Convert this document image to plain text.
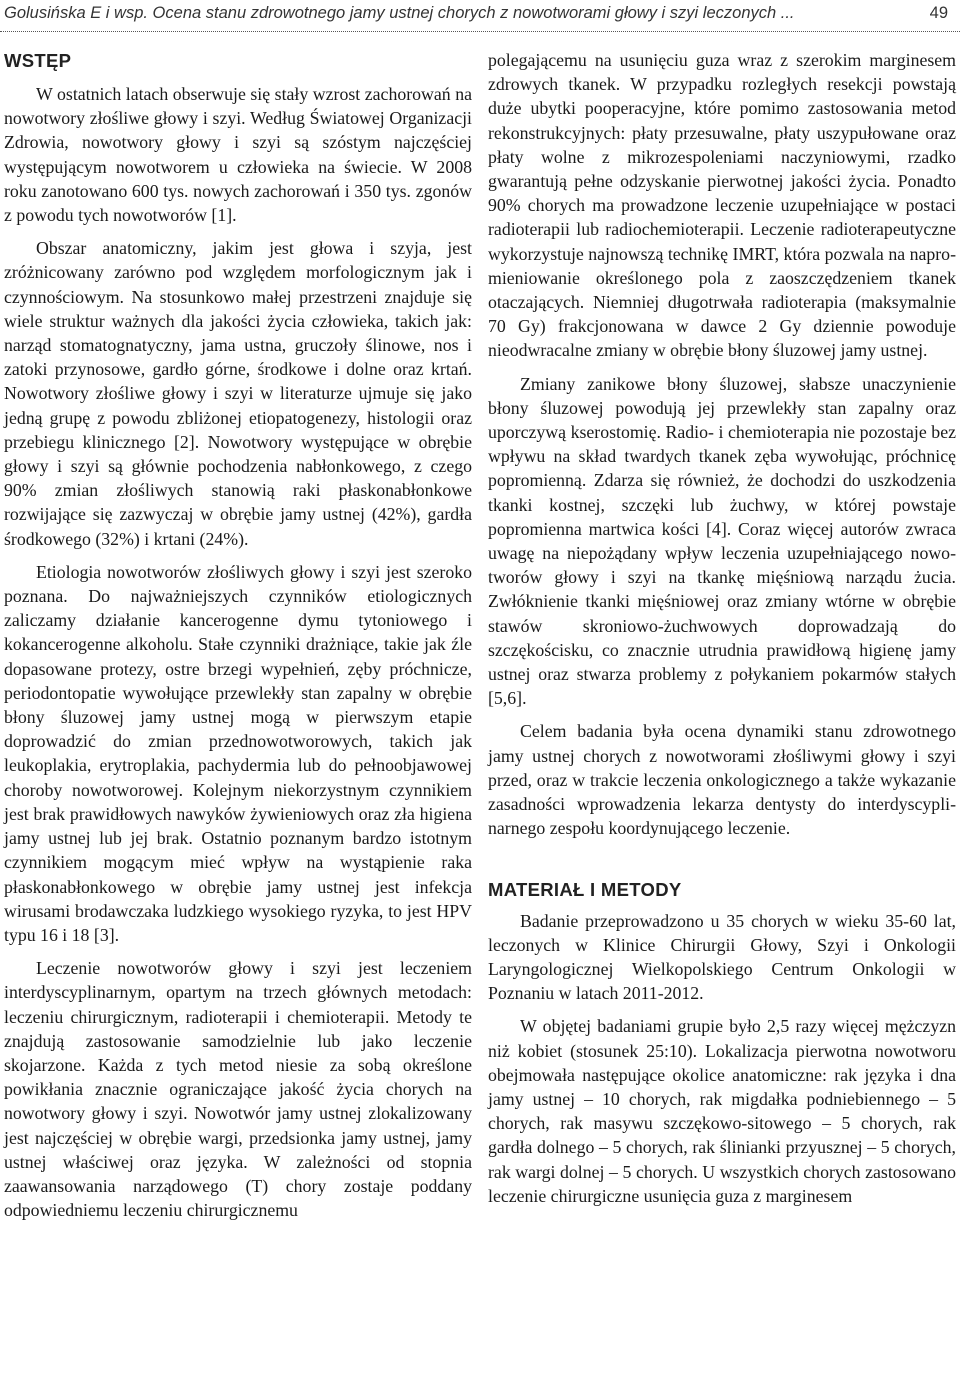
Golusińska E i wsp. Ocena stanu zdrowotnego jamy ustnej chorych z nowotworami głowy i szyi leczonych ...	49
WSTĘP

W ostatnich latach obserwuje się stały wzrost zachorowań na nowotwory złośliwe głowy i szyi. Według Światowej Organizacji Zdrowia, nowotwory głowy i szyi są szóstym najczęściej występującym nowotworem u człowieka na świecie. W 2008 roku zanotowano 600 tys. nowych zachorowań i 350 tys. zgonów z powodu tych nowotworów [1].

Obszar anatomiczny, jakim jest głowa i szyja, jest zróżnicowany zarówno pod względem morfologicznym jak i czynnościowym. Na stosunkowo małej przestrzeni znajduje się wiele struktur ważnych dla jakości życia człowieka, takich jak: narząd stomatognatyczny, jama ustna, gruczoły ślinowe, nos i zatoki przynosowe, gardło górne, środkowe i dolne oraz krtań. Nowotwory złośliwe głowy i szyi w literaturze ujmuje się jako jedną grupę z powodu zbliżonej etiopatogenezy, histologii oraz przebiegu klinicznego [2]. Nowotwory występujące w obrębie głowy i szyi są głównie pochodzenia nabłonkowego, z czego 90% zmian złośliwych stanowią raki płaskonabłonkowe rozwijające się zazwyczaj w obrębie jamy ustnej (42%), gardła środkowego (32%) i krtani (24%).

Etiologia nowotworów złośliwych głowy i szyi jest szeroko poznana. Do najważniejszych czynników etiologicznych zaliczamy działanie kancerogenne dymu tytoniowego i kokancerogenne alkoholu. Stałe czynniki drażniące, takie jak źle dopasowane protezy, ostre brzegi wypełnień, zęby próchnicze, periodontopatie wywołujące przewlekły stan zapalny w obrębie błony śluzowej jamy ustnej mogą w pierwszym etapie doprowadzić do zmian przednowotworowych, takich jak leukoplakia, erytroplakia, pachydermia lub do pełnoobjawowej choroby nowotworowej. Kolejnym niekorzystnym czynnikiem jest brak prawidłowych nawyków żywieniowych oraz zła higiena jamy ustnej lub jej brak. Ostatnio poznanym bardzo istotnym czynnikiem mogącym mieć wpływ na wystąpienie raka płaskonabłonkowego w obrębie jamy ustnej jest infekcja wirusami brodawczaka ludzkiego wysokiego ryzyka, to jest HPV typu 16 i 18 [3].

Leczenie nowotworów głowy i szyi jest leczeniem interdyscyplinarnym, opartym na trzech głównych metodach: leczeniu chirurgicznym, radioterapii i chemioterapii. Metody te znajdują zastosowanie samodzielnie lub jako leczenie skojarzone. Każda z tych metod niesie za sobą określone powikłania znacznie ograniczające jakość życia chorych na nowotwory głowy i szyi. Nowotwór jamy ustnej zlokalizowany jest najczęściej w obrębie wargi, przedsionka jamy ustnej, jamy ustnej właściwej oraz języka. W zależności od stopnia zaawansowania narządowego (T) chory zostaje poddany odpowiedniemu leczeniu chirurgicznemu

polegającemu na usunięciu guza wraz z szerokim marginesem zdrowych tkanek. W przypadku rozległych resekcji powstają duże ubytki pooperacyjne, które pomimo zastosowania metod rekonstrukcyjnych: płaty przesuwalne, płaty uszypułowane oraz płaty wolne z mikrozespoleniami naczyniowymi, rzadko gwarantują pełne odzyskanie pierwotnej jakości życia. Ponadto 90% chorych ma prowadzone leczenie uzupełniające w postaci radioterapii lub radiochemioterapii. Leczenie radioterapeutyczne wykorzystuje najnowszą technikę IMRT, która pozwala na napromieniowanie określonego pola z zaoszczędzeniem tkanek otaczających. Niemniej długotrwała radioterapia (maksymalnie 70 Gy) frakcjonowana w dawce 2 Gy dziennie powoduje nieodwracalne zmiany w obrębie błony śluzowej jamy ustnej.

Zmiany zanikowe błony śluzowej, słabsze unaczynienie błony śluzowej powodują jej przewlekły stan zapalny oraz uporczywą kserostomię. Radio- i chemioterapia nie pozostaje bez wpływu na skład twardych tkanek zęba wywołując, próchnicę popromienną. Zdarza się również, że dochodzi do uszkodzenia tkanki kostnej, szczęki lub żuchwy, w której powstaje popromienna martwica kości [4]. Coraz więcej autorów zwraca uwagę na niepożądany wpływ leczenia uzupełniającego nowotworów głowy i szyi na tkankę mięśniową narządu żucia. Zwłóknienie tkanki mięśniowej oraz zmiany wtórne w obrębie stawów skroniowo-żuchwowych doprowadzają do szczękościsku, co znacznie utrudnia prawidłową higienę jamy ustnej oraz stwarza problemy z połykaniem pokarmów stałych [5,6].

Celem badania była ocena dynamiki stanu zdrowotnego jamy ustnej chorych z nowotworami złośliwymi głowy i szyi przed, oraz w trakcie leczenia onkologicznego a także wykazanie zasadności wprowadzenia lekarza dentysty do interdyscyplinarnego zespołu koordynującego leczenie.

MATERIAŁ I METODY

Badanie przeprowadzono u 35 chorych w wieku 35-60 lat, leczonych w Klinice Chirurgii Głowy, Szyi i Onkologii Laryngologicznej Wielkopolskiego Centrum Onkologii w Poznaniu w latach 2011-2012.

W objętej badaniami grupie było 2,5 razy więcej mężczyzn niż kobiet (stosunek 25:10). Lokalizacja pierwotna nowotworu obejmowała następujące okolice anatomiczne: rak języka i dna jamy ustnej – 10 chorych, rak migdałka podniebiennego – 5 chorych, rak masywu szczękowo-sitowego – 5 chorych, rak gardła dolnego – 5 chorych, rak ślinianki przyusznej – 5 chorych, rak wargi dolnej – 5 chorych. U wszystkich chorych zastosowano leczenie chirurgiczne usunięcia guza z marginesem
